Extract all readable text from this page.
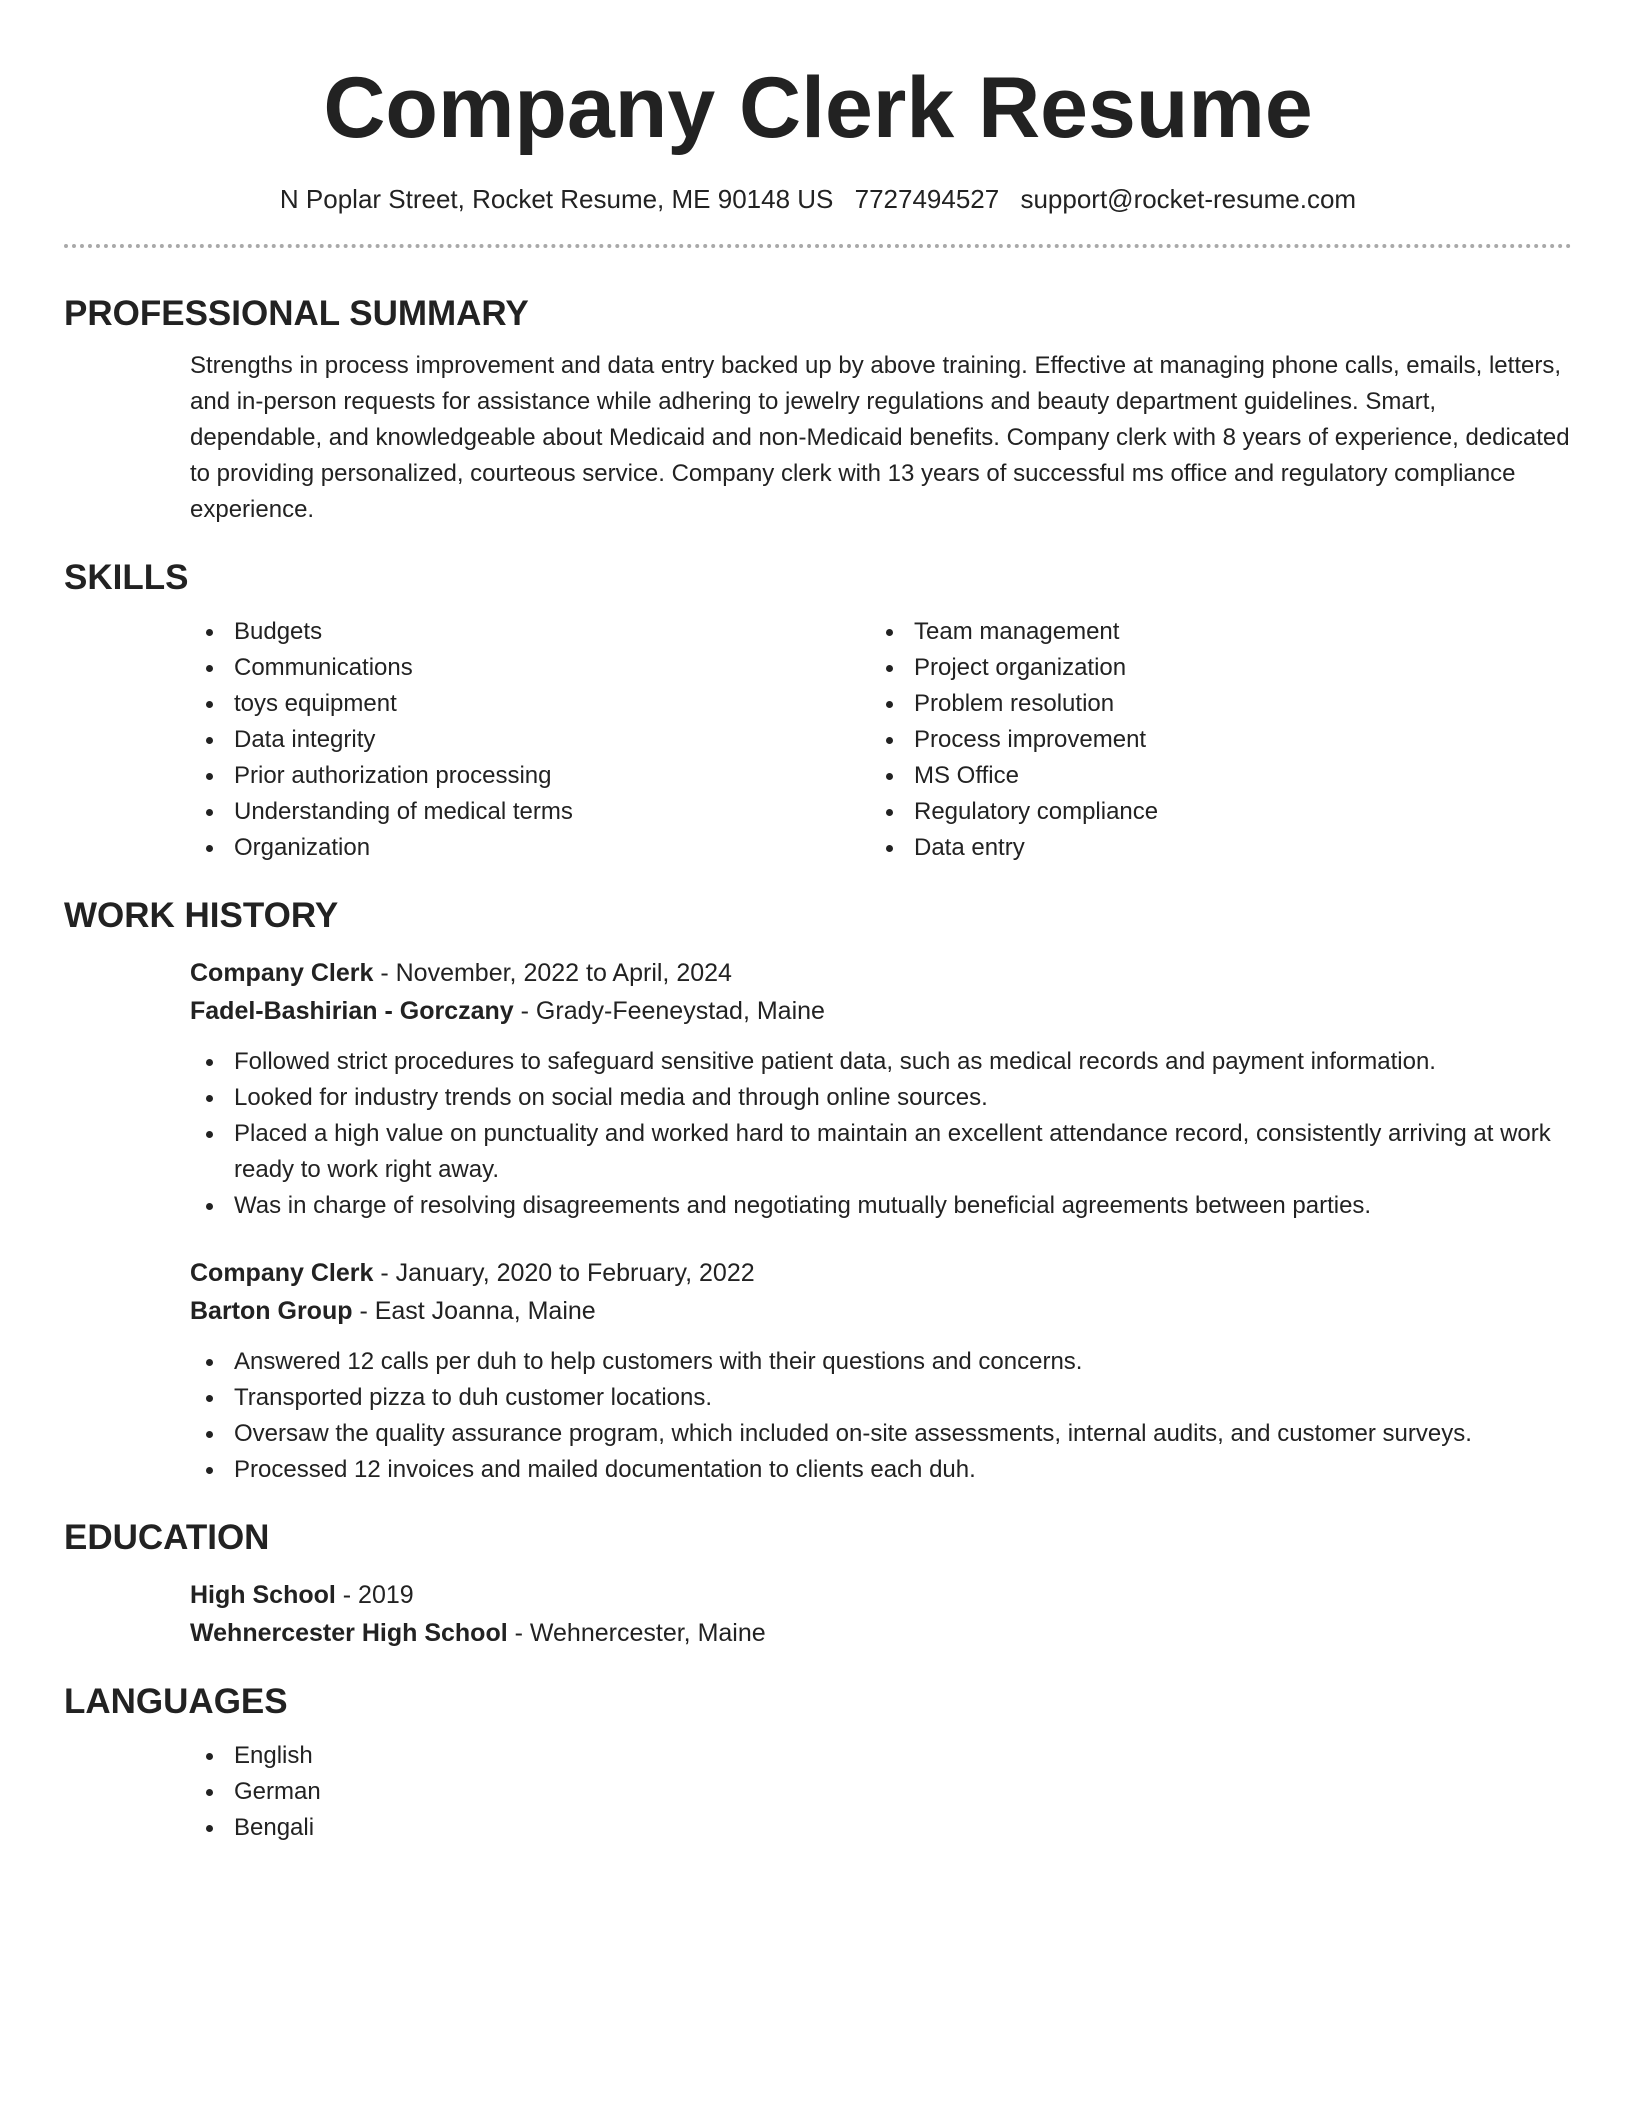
Company Clerk Resume
N Poplar Street, Rocket Resume, ME 90148 US 7727494527 support@rocket-resume.com
PROFESSIONAL SUMMARY

Strengths in process improvement and data entry backed up by above training. Effective at managing phone calls, emails, letters, and in-person requests for assistance while adhering to jewelry regulations and beauty department guidelines. Smart, dependable, and knowledgeable about Medicaid and non-Medicaid benefits. Company clerk with 8 years of experience, dedicated to providing personalized, courteous service. Company clerk with 13 years of successful ms office and regulatory compliance experience.

SKILLS
Budgets
Communications
toys equipment
Data integrity
Prior authorization processing
Understanding of medical terms
Organization
Team management
Project organization
Problem resolution
Process improvement
MS Office
Regulatory compliance
Data entry
WORK HISTORY
Company Clerk - November, 2022 to April, 2024
Fadel-Bashirian - Gorczany - Grady-Feeneystad, Maine
Followed strict procedures to safeguard sensitive patient data, such as medical records and payment information.
Looked for industry trends on social media and through online sources.
Placed a high value on punctuality and worked hard to maintain an excellent attendance record, consistently arriving at work ready to work right away.
Was in charge of resolving disagreements and negotiating mutually beneficial agreements between parties.
Company Clerk - January, 2020 to February, 2022
Barton Group - East Joanna, Maine
Answered 12 calls per duh to help customers with their questions and concerns.
Transported pizza to duh customer locations.
Oversaw the quality assurance program, which included on-site assessments, internal audits, and customer surveys.
Processed 12 invoices and mailed documentation to clients each duh.
EDUCATION
High School - 2019
Wehnercester High School - Wehnercester, Maine
LANGUAGES
English
German
Bengali
